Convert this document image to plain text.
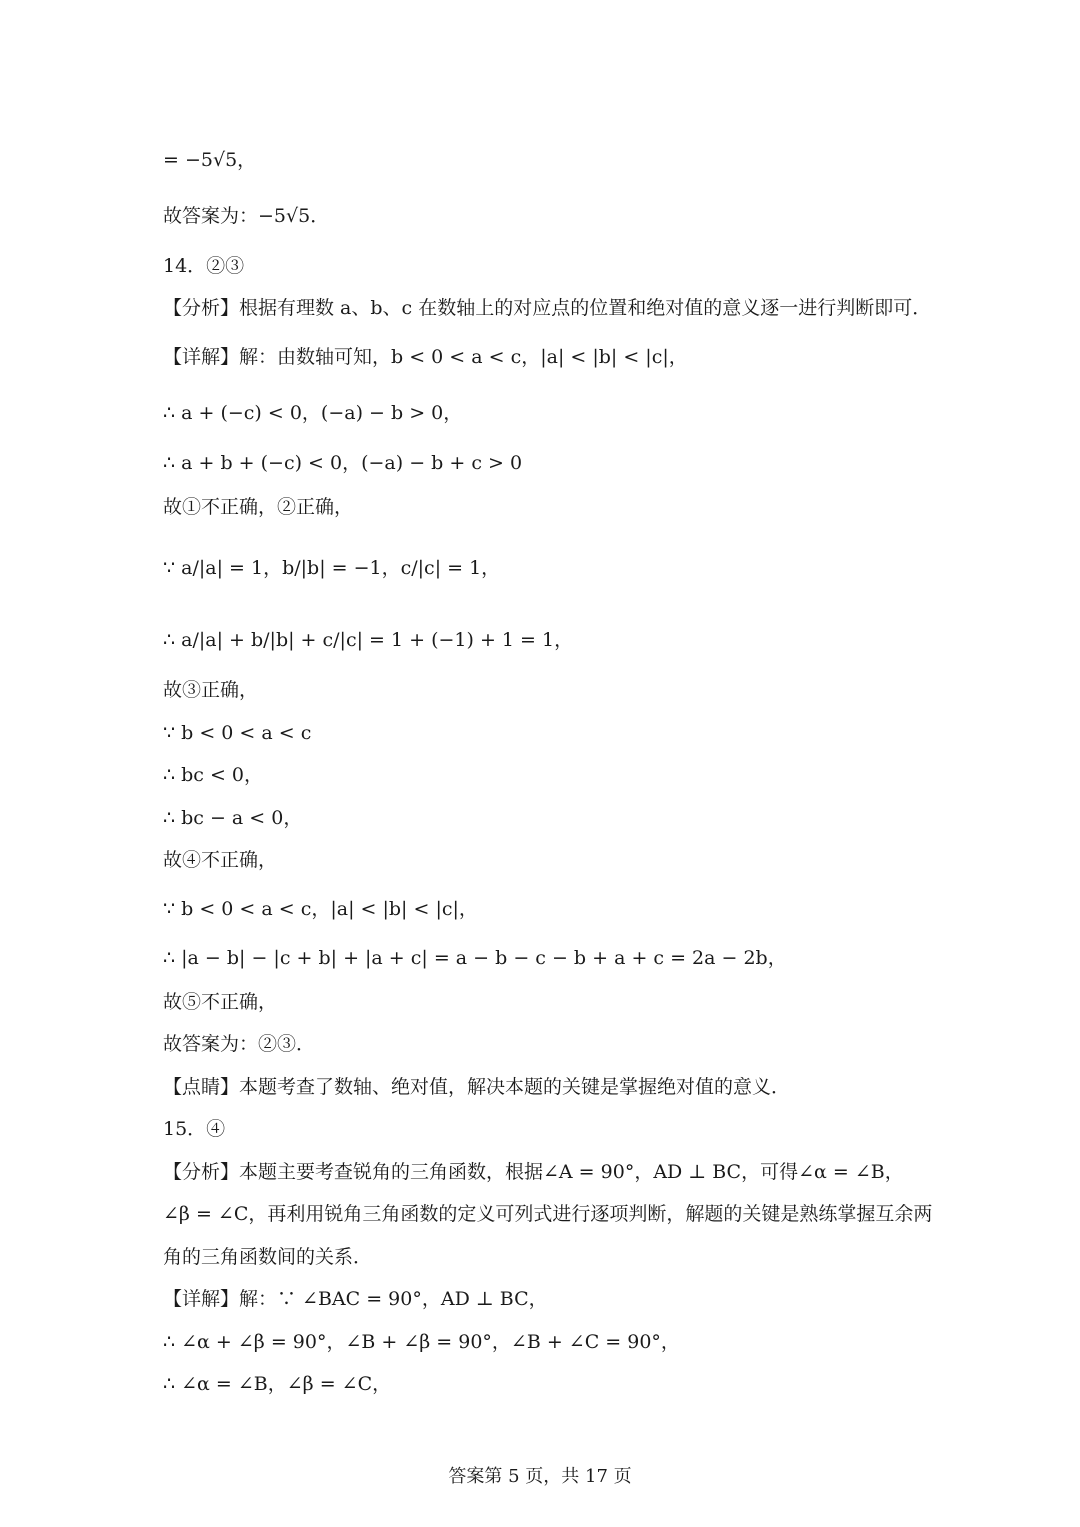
= −5√5，
故答案为：−5√5．
14．②③
【分析】根据有理数 a、b、c 在数轴上的对应点的位置和绝对值的意义逐一进行判断即可．
【详解】解：由数轴可知，b < 0 < a < c，|a| < |b| < |c|，
∴ a + (−c) < 0，(−a) − b > 0，
∴ a + b + (−c) < 0，(−a) − b + c > 0
故①不正确，②正确，
∵ a/|a| = 1，b/|b| = −1，c/|c| = 1，
∴ a/|a| + b/|b| + c/|c| = 1 + (−1) + 1 = 1，
故③正确，
∵ b < 0 < a < c
∴ bc < 0，
∴ bc − a < 0，
故④不正确，
∵ b < 0 < a < c，|a| < |b| < |c|，
∴ |a − b| − |c + b| + |a + c| = a − b − c − b + a + c = 2a − 2b，
故⑤不正确，
故答案为：②③．
【点睛】本题考查了数轴、绝对值，解决本题的关键是掌握绝对值的意义．
15．④
【分析】本题主要考查锐角的三角函数，根据∠A = 90°，AD ⊥ BC，可得∠α = ∠B，
∠β = ∠C，再利用锐角三角函数的定义可列式进行逐项判断，解题的关键是熟练掌握互余两
角的三角函数间的关系．
【详解】解：∵ ∠BAC = 90°，AD ⊥ BC，
∴ ∠α + ∠β = 90°，∠B + ∠β = 90°，∠B + ∠C = 90°，
∴ ∠α = ∠B，∠β = ∠C，
答案第 5 页，共 17 页
